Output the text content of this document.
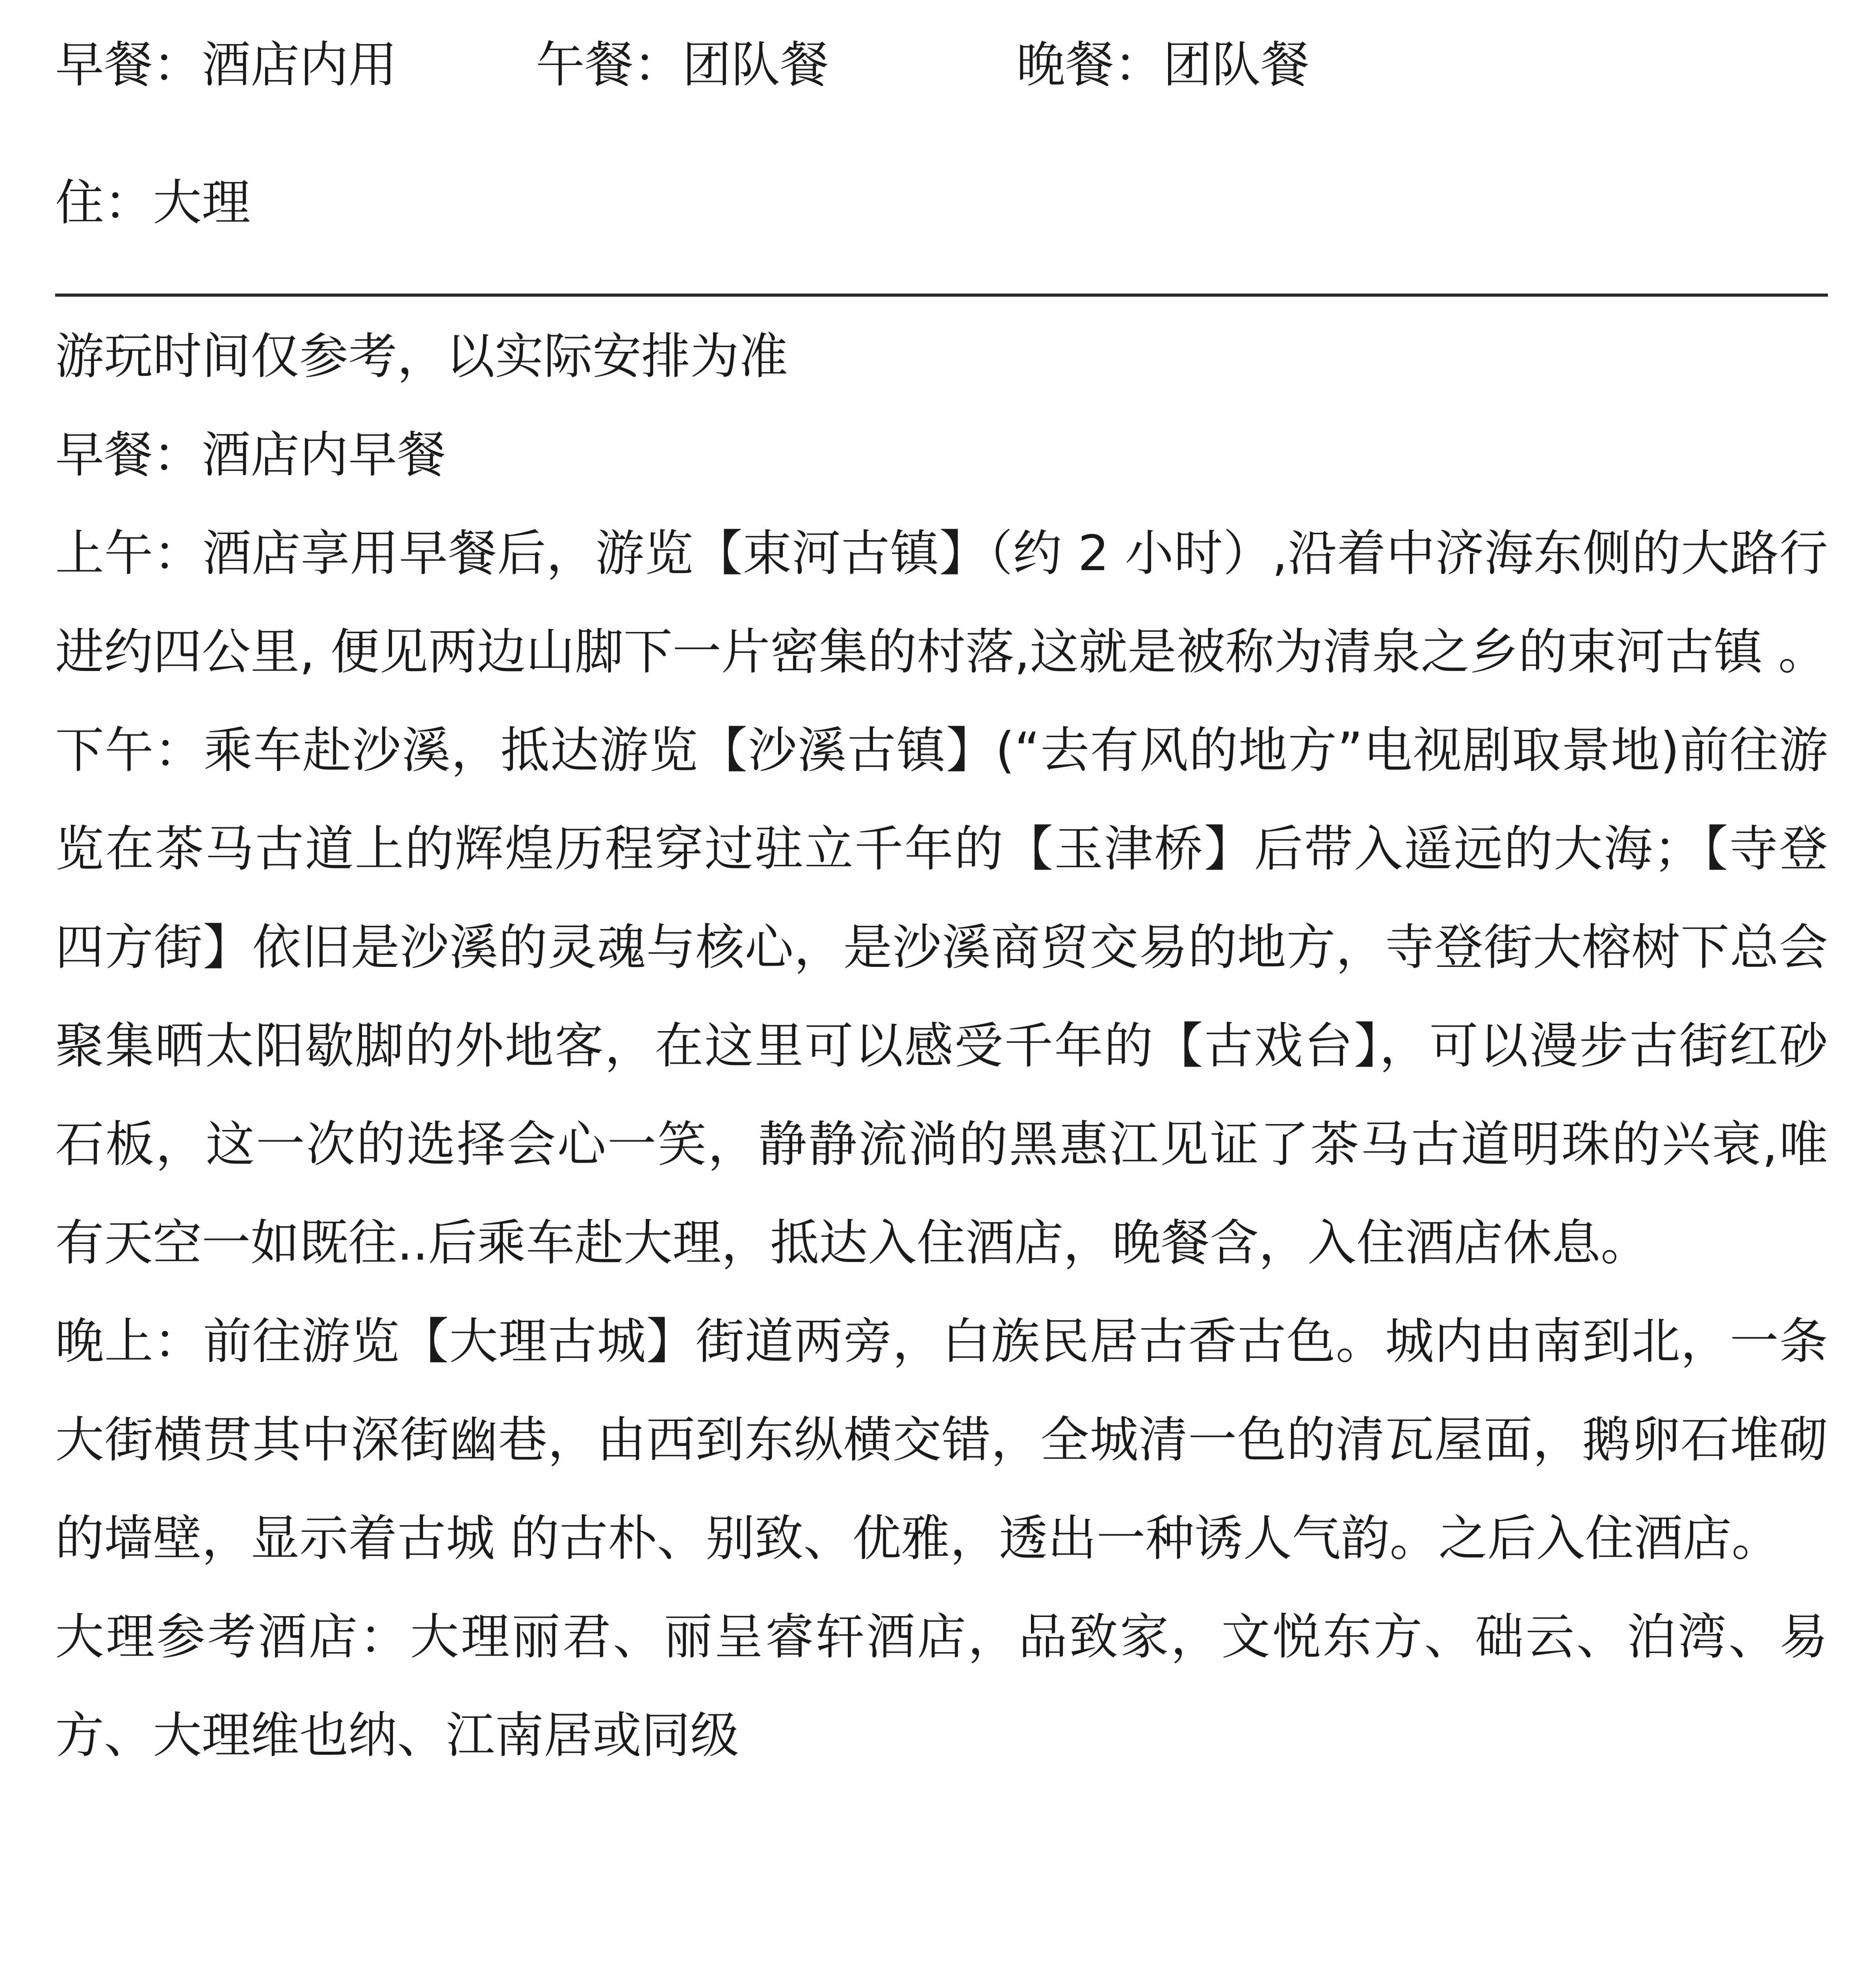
早餐：酒店内用	午餐：团队餐	晚餐：团队餐
住：大理

游玩时间仅参考，以实际安排为准

早餐：酒店内早餐

上午：酒店享用早餐后，游览【束河古镇】（约 2 小时）,沿着中济海东侧的大路行进约四公里, 便见两边山脚下一片密集的村落,这就是被称为清泉之乡的束河古镇 。

下午：乘车赴沙溪，抵达游览【沙溪古镇】(“去有风的地方”电视剧取景地)前往游览在茶马古道上的辉煌历程穿过驻立千年的【玉津桥】后带入遥远的大海；【寺登四方街】依旧是沙溪的灵魂与核心，是沙溪商贸交易的地方，寺登街大榕树下总会聚集晒太阳歇脚的外地客，在这里可以感受千年的【古戏台】，可以漫步古街红砂石板，这一次的选择会心一笑，静静流淌的黑惠江见证了茶马古道明珠的兴衰,唯有天空一如既往..后乘车赴大理，抵达入住酒店，晚餐含，入住酒店休息。

晚上：前往游览【大理古城】街道两旁，白族民居古香古色。城内由南到北，一条大街横贯其中深街幽巷，由西到东纵横交错，全城清一色的清瓦屋面，鹅卵石堆砌的墙壁，显示着古城 的古朴、别致、优雅，透出一种诱人气韵。之后入住酒店。

大理参考酒店：大理丽君、丽呈睿轩酒店，品致家，文悦东方、础云、泊湾、易方、大理维也纳、江南居或同级
